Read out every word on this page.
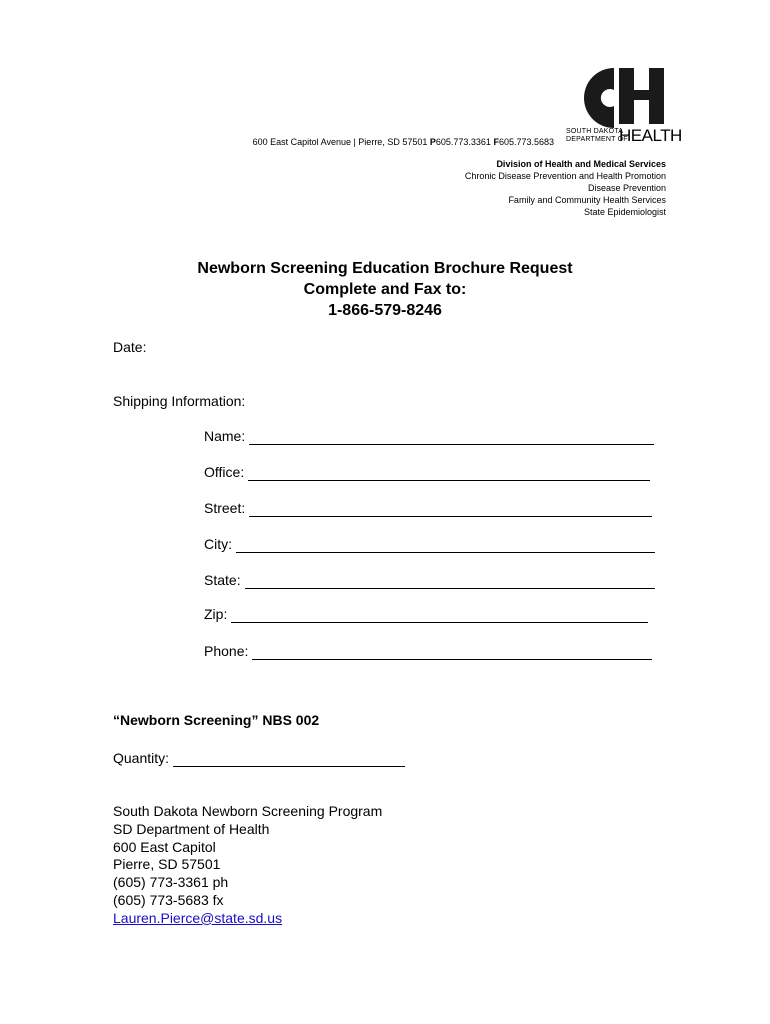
SOUTH DAKOTA
DEPARTMENT OF
HEALTH
600 East Capitol Avenue | Pierre, SD 57501 P605.773.3361 F605.773.5683
Division of Health and Medical Services
Chronic Disease Prevention and Health Promotion
Disease Prevention
Family and Community Health Services
State Epidemiologist
Newborn Screening Education Brochure Request
Complete and Fax to:
1-866-579-8246
Date:
Shipping Information:
Name:
Office:
Street:
City:
State:
Zip:
Phone:
“Newborn Screening” NBS 002
Quantity:
South Dakota Newborn Screening Program
SD Department of Health
600 East Capitol
Pierre, SD 57501
(605) 773-3361 ph
(605) 773-5683 fx
Lauren.Pierce@state.sd.us
